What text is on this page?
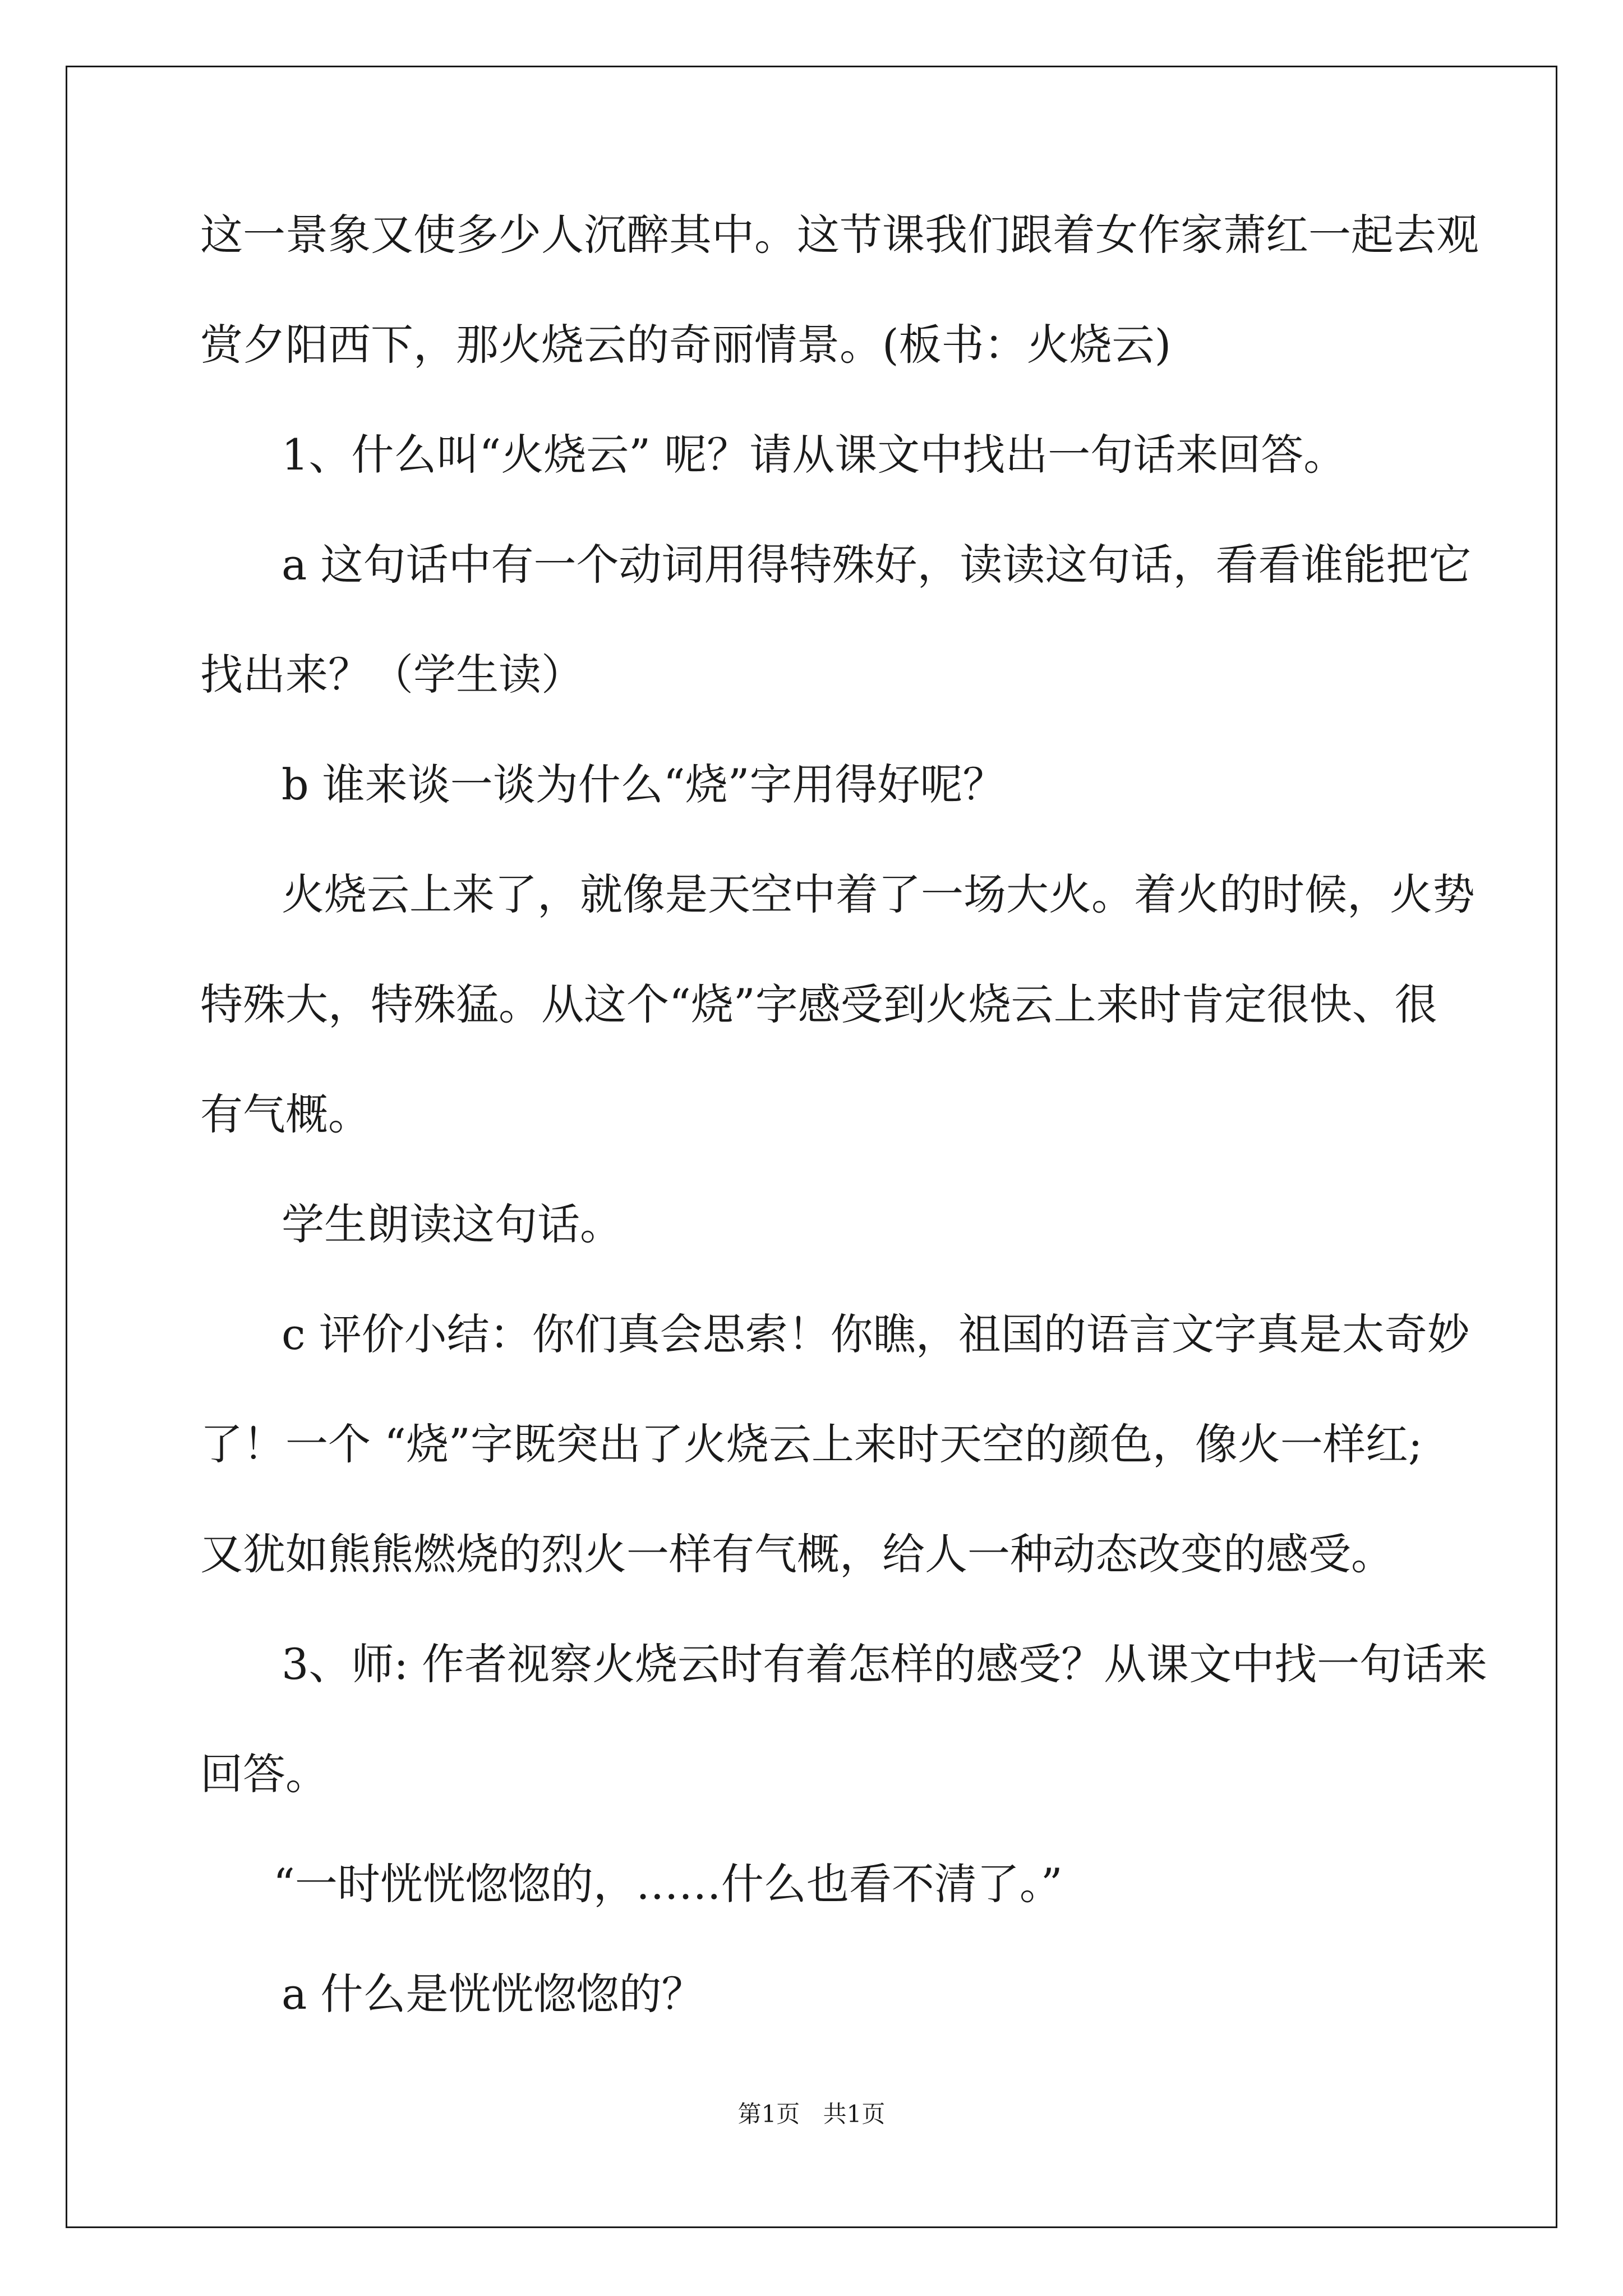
这一景象又使多少人沉醉其中。这节课我们跟着女作家萧红一起去观
赏夕阳西下，那火烧云的奇丽情景。(板书：火烧云)
1、什么叫“火烧云” 呢？请从课文中找出一句话来回答。
a 这句话中有一个动词用得特殊好，读读这句话，看看谁能把它
找出来？（学生读）
b 谁来谈一谈为什么“烧”字用得好呢？
火烧云上来了，就像是天空中着了一场大火。着火的时候，火势
特殊大，特殊猛。从这个“烧”字感受到火烧云上来时肯定很快、很
有气概。
学生朗读这句话。
c 评价小结：你们真会思索！你瞧，祖国的语言文字真是太奇妙
了！一个 “烧”字既突出了火烧云上来时天空的颜色，像火一样红;
又犹如熊熊燃烧的烈火一样有气概，给人一种动态改变的感受。
3、师: 作者视察火烧云时有着怎样的感受？从课文中找一句话来
回答。
“一时恍恍惚惚的，……什么也看不清了。”
a 什么是恍恍惚惚的？
第1页 共1页
